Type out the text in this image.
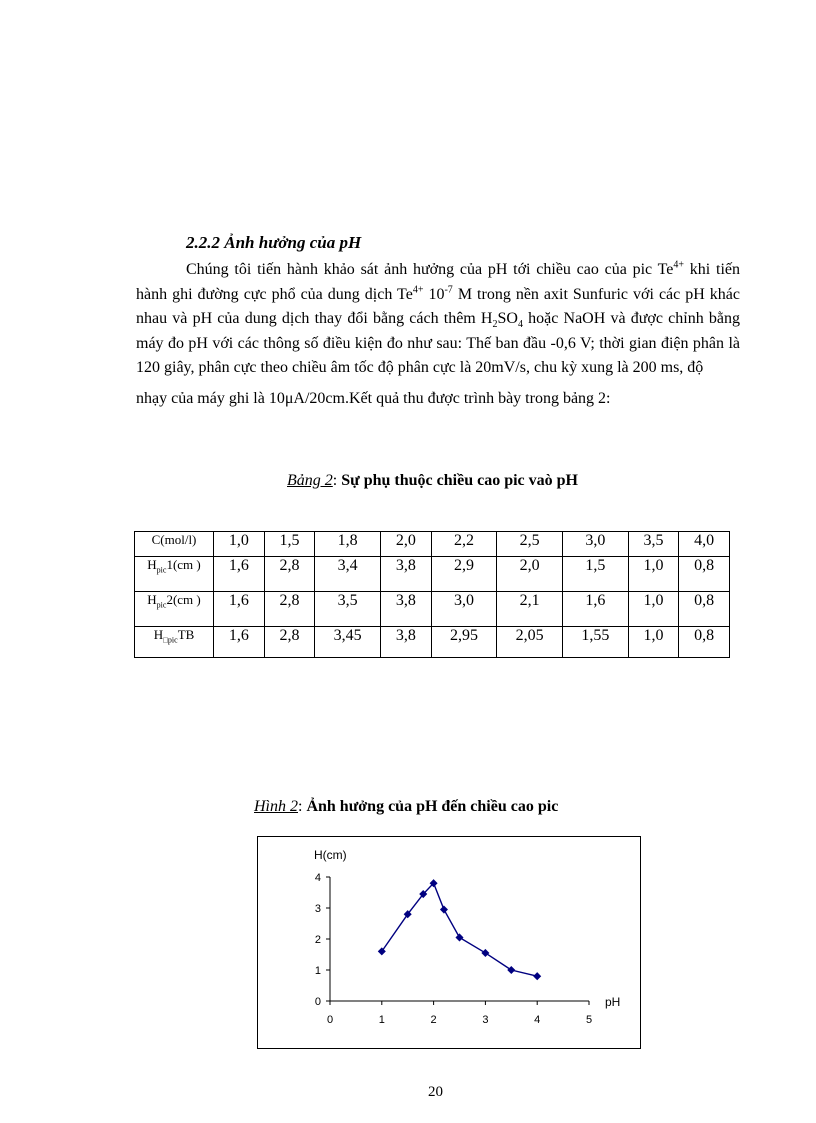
2.2.2 Ảnh hưởng của pH

Chúng tôi tiến hành khảo sát ảnh hưởng của pH tới chiều cao của pic $Te^{4+}$ khi tiến hành ghi đường cực phổ của dung dịch $Te^{4+}$ $10^{-7}$ M trong nền axit Sunfuric với các pH khác nhau và pH của dung dịch thay đổi bằng cách thêm $H_2SO_4$ hoặc NaOH và được chỉnh bằng máy đo pH với các thông số điều kiện đo như sau: Thế ban đầu -0,6 V; thời gian điện phân là 120 giây, phân cực theo chiều âm tốc độ phân cực là 20mV/s, chu kỳ xung là 200 ms, độ
nhạy của máy ghi là 10μA/20cm.Kết quả thu được trình bày trong bảng 2:

Bảng 2: Sự phụ thuộc chiều cao pic vaò pH
C(mol/l)	1,0	1,5	1,8	2,0	2,2	2,5	3,0	3,5	4,0
$H_{pic}1(cm$ )	1,6	2,8	3,4	3,8	2,9	2,0	1,5	1,0	0,8
$H_{pic}2(cm$ )	1,6	2,8	3,5	3,8	3,0	2,1	1,6	1,0	0,8
$H_{□pic}TB$	1,6	2,8	3,45	3,8	2,95	2,05	1,55	1,0	0,8
Hình 2: Ảnh hưởng của pH đến chiều cao pic
0
1
2
3
4
0	1	2	3	4	5
H(cm)
pH
20
